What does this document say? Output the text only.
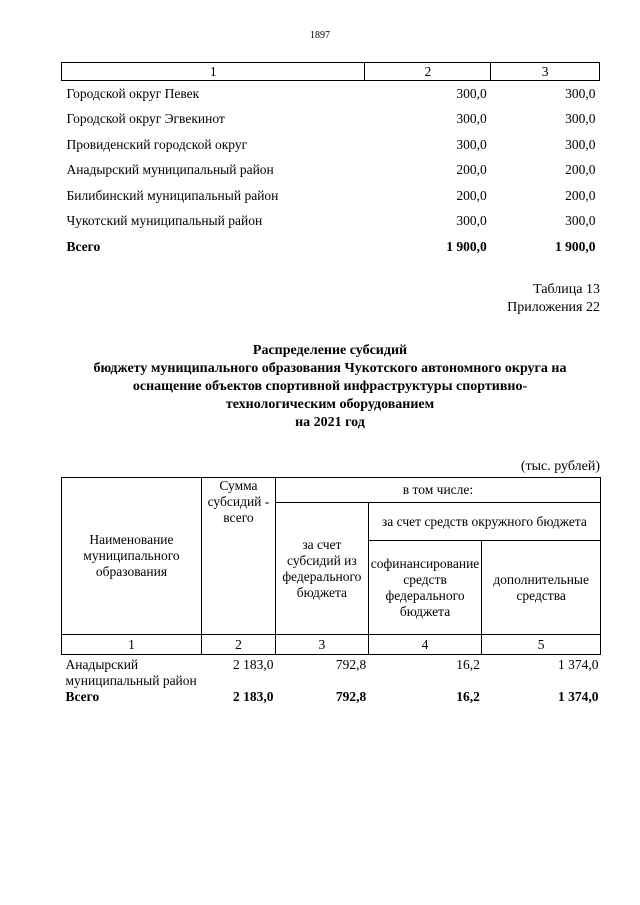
1897
1	2	3
Городской округ Певек	300,0	300,0
Городской округ Эгвекинот	300,0	300,0
Провиденский городской округ	300,0	300,0
Анадырский муниципальный район	200,0	200,0
Билибинский муниципальный район	200,0	200,0
Чукотский муниципальный район	300,0	300,0
Всего	1 900,0	1 900,0
Таблица 13
Приложения 22
Распределение субсидий
бюджету муниципального образования Чукотского автономного округа на
оснащение объектов спортивной инфраструктуры спортивно-
технологическим оборудованием
на 2021 год
(тыс. рублей)
Наименование муниципального образования	Сумма субсидий - всего	в том числе:		
		за счет субсидий из федерального бюджета	за счет средств окружного бюджета	
			софинансирование средств федерального бюджета	дополнительные средства
1	2	3	4	5
Анадырский муниципальный район	2 183,0	792,8	16,2	1 374,0
Всего	2 183,0	792,8	16,2	1 374,0
